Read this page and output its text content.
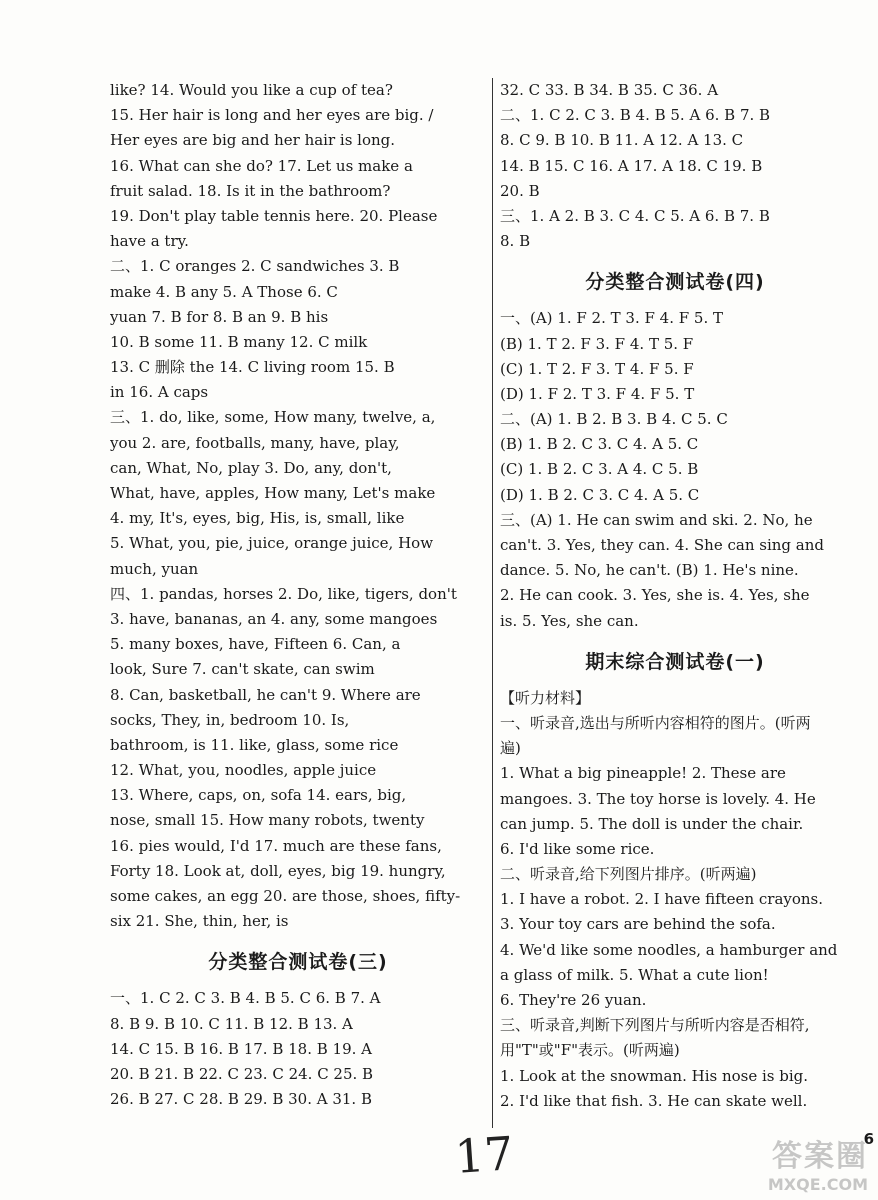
like? 14. Would you like a cup of tea?
15. Her hair is long and her eyes are big. /
Her eyes are big and her hair is long.
16. What can she do? 17. Let us make a
fruit salad. 18. Is it in the bathroom?
19. Don't play table tennis here. 20. Please
have a try.
二、1. C oranges 2. C sandwiches 3. B
make 4. B any 5. A Those 6. C
yuan 7. B for 8. B an 9. B his
10. B some 11. B many 12. C milk
13. C 删除 the 14. C living room 15. B
in 16. A caps
三、1. do, like, some, How many, twelve, a,
you 2. are, footballs, many, have, play,
can, What, No, play 3. Do, any, don't,
What, have, apples, How many, Let's make
4. my, It's, eyes, big, His, is, small, like
5. What, you, pie, juice, orange juice, How
much, yuan
四、1. pandas, horses 2. Do, like, tigers, don't
3. have, bananas, an 4. any, some mangoes
5. many boxes, have, Fifteen 6. Can, a
look, Sure 7. can't skate, can swim
8. Can, basketball, he can't 9. Where are
socks, They, in, bedroom 10. Is,
bathroom, is 11. like, glass, some rice
12. What, you, noodles, apple juice
13. Where, caps, on, sofa 14. ears, big,
nose, small 15. How many robots, twenty
16. pies would, I'd 17. much are these fans,
Forty 18. Look at, doll, eyes, big 19. hungry,
some cakes, an egg 20. are those, shoes, fifty-
six 21. She, thin, her, is
分类整合测试卷(三)
一、1. C 2. C 3. B 4. B 5. C 6. B 7. A
8. B 9. B 10. C 11. B 12. B 13. A
14. C 15. B 16. B 17. B 18. B 19. A
20. B 21. B 22. C 23. C 24. C 25. B
26. B 27. C 28. B 29. B 30. A 31. B
32. C 33. B 34. B 35. C 36. A
二、1. C 2. C 3. B 4. B 5. A 6. B 7. B
8. C 9. B 10. B 11. A 12. A 13. C
14. B 15. C 16. A 17. A 18. C 19. B
20. B
三、1. A 2. B 3. C 4. C 5. A 6. B 7. B
8. B
分类整合测试卷(四)
一、(A) 1. F 2. T 3. F 4. F 5. T
(B) 1. T 2. F 3. F 4. T 5. F
(C) 1. T 2. F 3. T 4. F 5. F
(D) 1. F 2. T 3. F 4. F 5. T
二、(A) 1. B 2. B 3. B 4. C 5. C
(B) 1. B 2. C 3. C 4. A 5. C
(C) 1. B 2. C 3. A 4. C 5. B
(D) 1. B 2. C 3. C 4. A 5. C
三、(A) 1. He can swim and ski. 2. No, he
can't. 3. Yes, they can. 4. She can sing and
dance. 5. No, he can't. (B) 1. He's nine.
2. He can cook. 3. Yes, she is. 4. Yes, she
is. 5. Yes, she can.
期末综合测试卷(一)
【听力材料】
一、听录音,选出与所听内容相符的图片。(听两
遍)
1. What a big pineapple! 2. These are
mangoes. 3. The toy horse is lovely. 4. He
can jump. 5. The doll is under the chair.
6. I'd like some rice.
二、听录音,给下列图片排序。(听两遍)
1. I have a robot. 2. I have fifteen crayons.
3. Your toy cars are behind the sofa.
4. We'd like some noodles, a hamburger and
a glass of milk. 5. What a cute lion!
6. They're 26 yuan.
三、听录音,判断下列图片与所听内容是否相符,
用"T"或"F"表示。(听两遍)
1. Look at the snowman. His nose is big.
2. I'd like that fish. 3. He can skate well.
17	6
答案圈
MXQE.COM
